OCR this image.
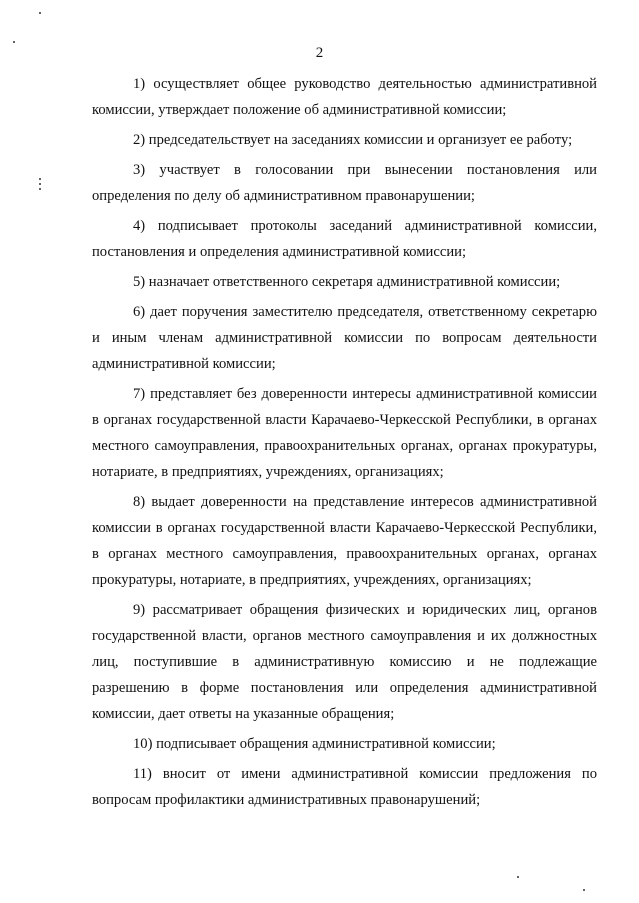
2

1) осуществляет общее руководство деятельностью административной комиссии, утверждает положение об административной комиссии;

2) председательствует на заседаниях комиссии и организует ее работу;

3) участвует в голосовании при вынесении постановления или определения по делу об административном правонарушении;

4) подписывает протоколы заседаний административной комиссии, постановления и определения административной комиссии;

5) назначает ответственного секретаря административной комиссии;

6) дает поручения заместителю председателя, ответственному секретарю и иным членам административной комиссии по вопросам деятельности административной комиссии;

7) представляет без доверенности интересы административной комиссии в органах государственной власти Карачаево-Черкесской Республики, в органах местного самоуправления, правоохранительных органах, органах прокуратуры, нотариате, в предприятиях, учреждениях, организациях;

8) выдает доверенности на представление интересов административной комиссии в органах государственной власти Карачаево-Черкесской Республики, в органах местного самоуправления, правоохранительных органах, органах прокуратуры, нотариате, в предприятиях, учреждениях, организациях;

9) рассматривает обращения физических и юридических лиц, органов государственной власти, органов местного самоуправления и их должностных лиц, поступившие в административную комиссию и не подлежащие разрешению в форме постановления или определения административной комиссии, дает ответы на указанные обращения;

10) подписывает обращения административной комиссии;

11) вносит от имени административной комиссии предложения по вопросам профилактики административных правонарушений;
